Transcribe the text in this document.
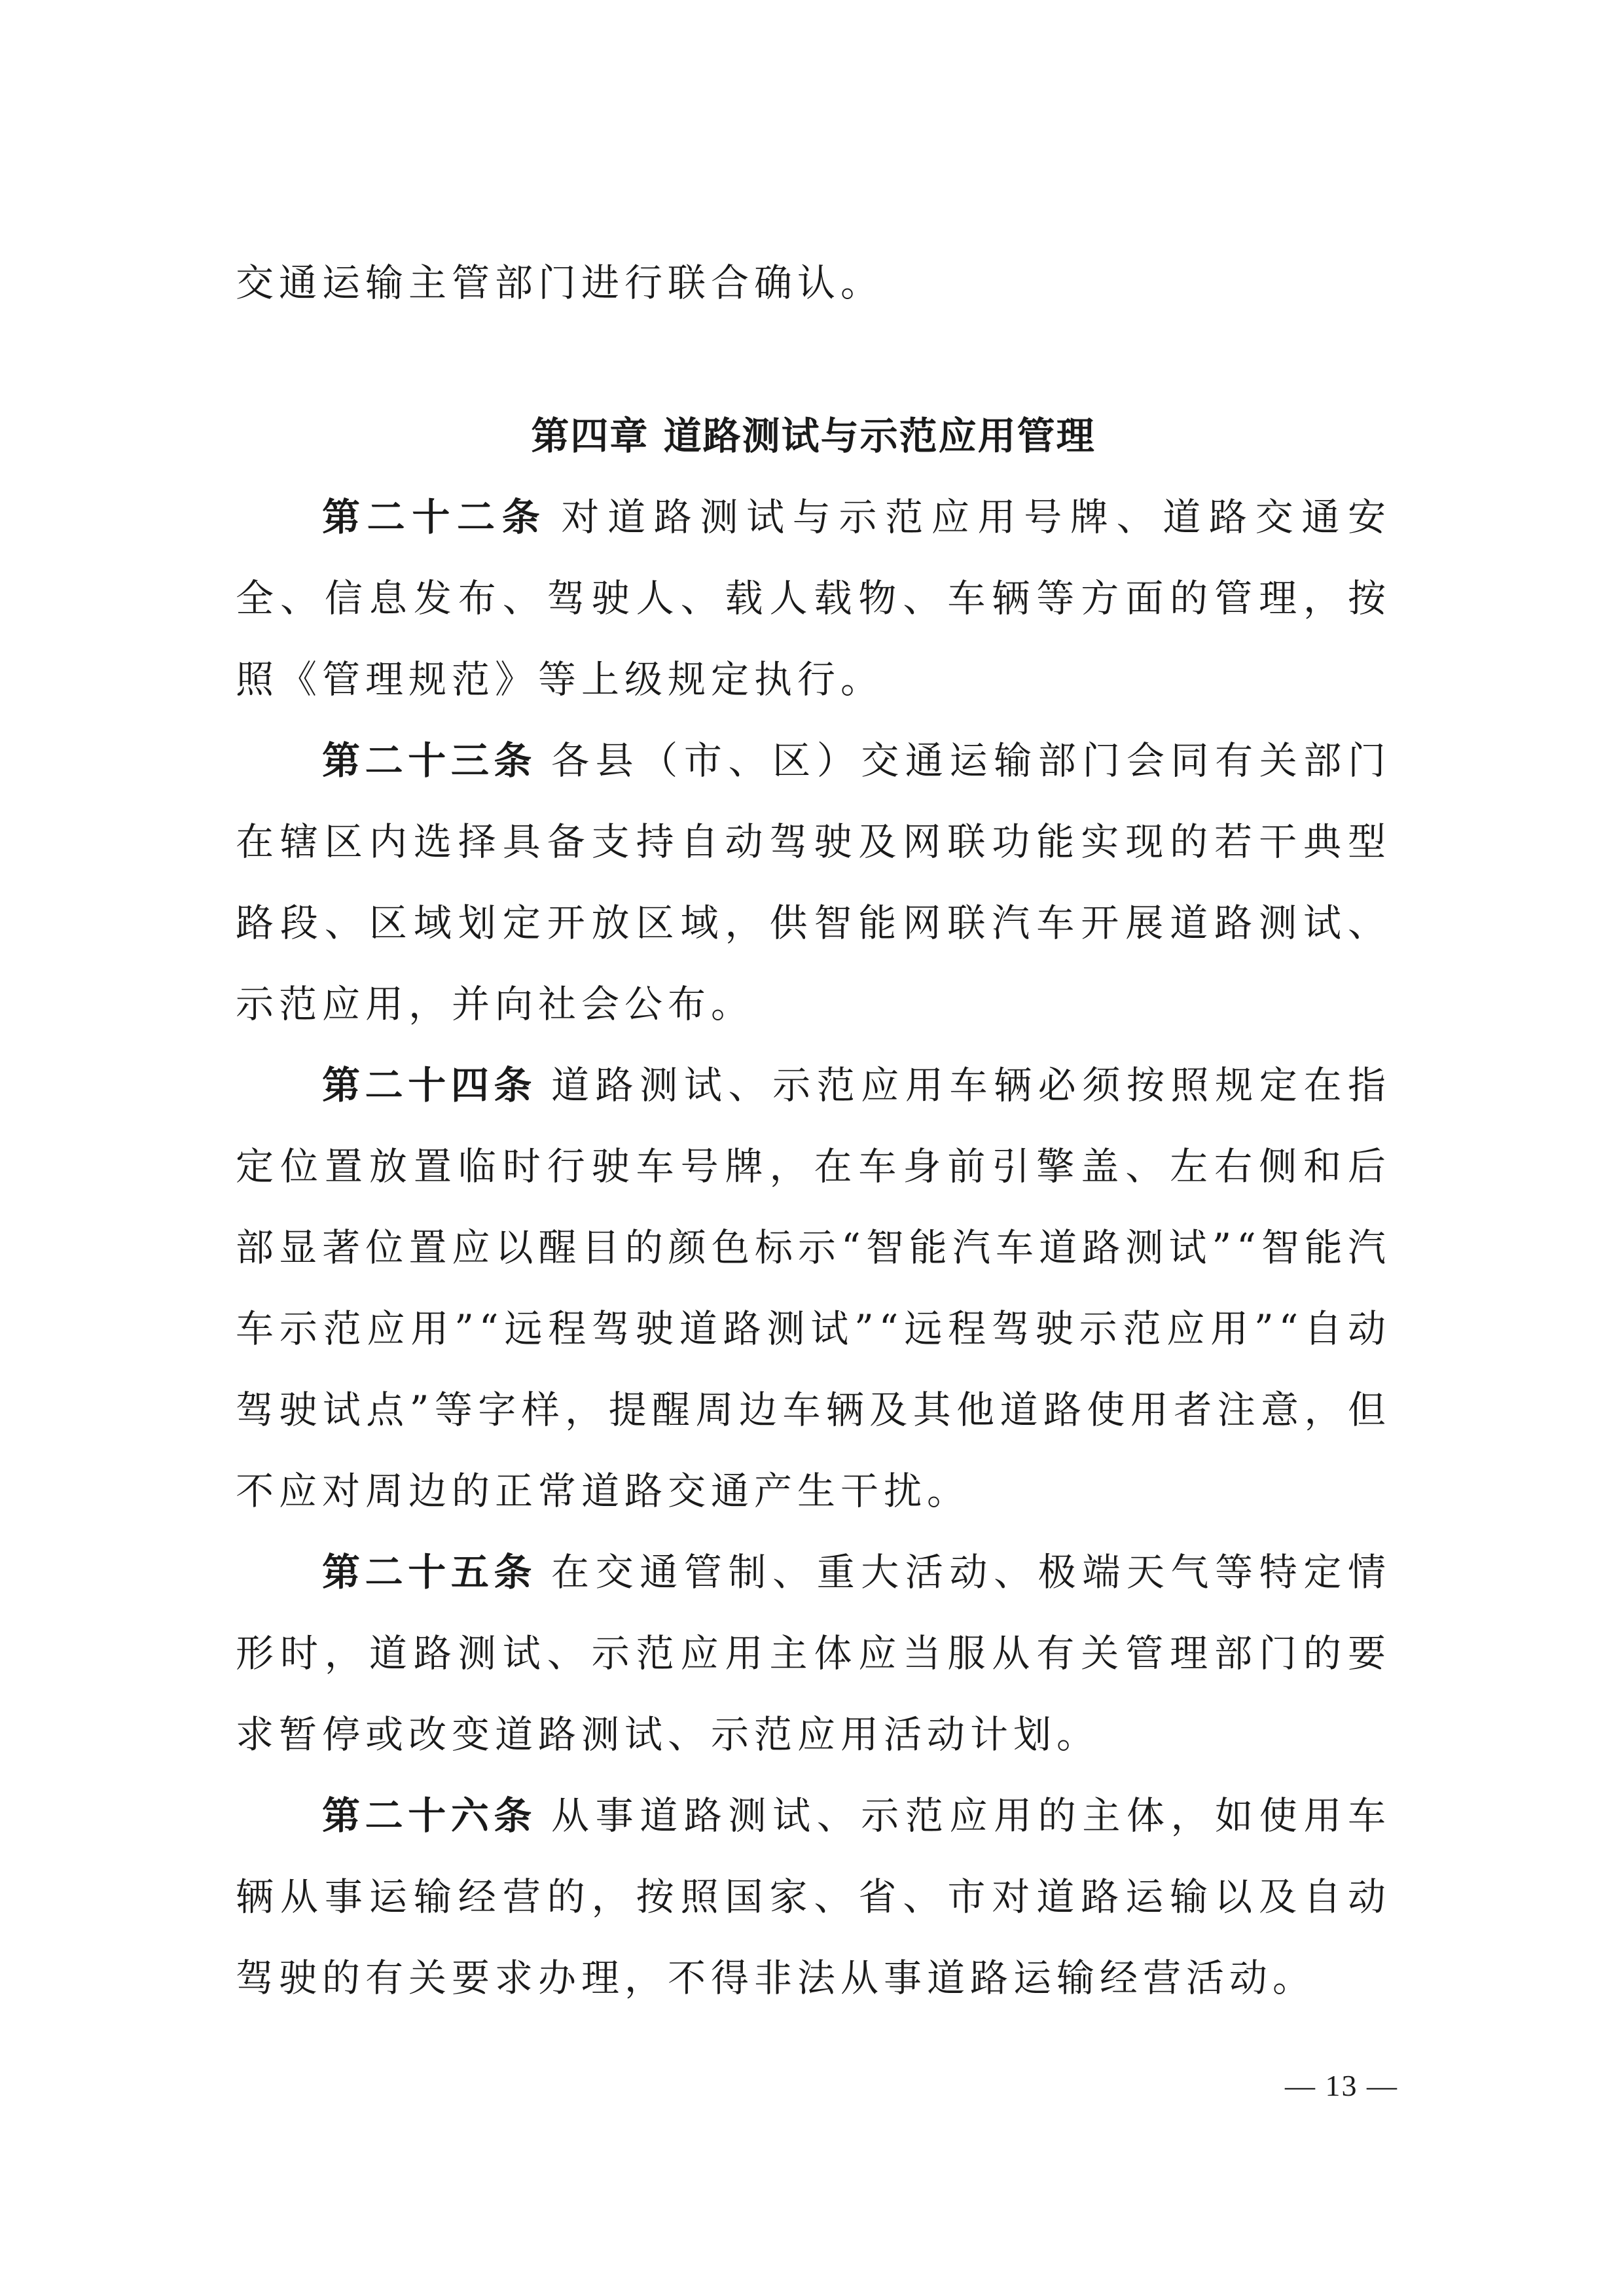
交通运输主管部门进行联合确认。

第四章 道路测试与示范应用管理

第二十二条 对道路测试与示范应用号牌、道路交通安全、信息发布、驾驶人、载人载物、车辆等方面的管理，按照《管理规范》等上级规定执行。

第二十三条 各县（市、区）交通运输部门会同有关部门在辖区内选择具备支持自动驾驶及网联功能实现的若干典型路段、区域划定开放区域，供智能网联汽车开展道路测试、示范应用，并向社会公布。

第二十四条 道路测试、示范应用车辆必须按照规定在指定位置放置临时行驶车号牌，在车身前引擎盖、左右侧和后部显著位置应以醒目的颜色标示“智能汽车道路测试”“智能汽车示范应用”“远程驾驶道路测试”“远程驾驶示范应用”“自动驾驶试点”等字样，提醒周边车辆及其他道路使用者注意，但不应对周边的正常道路交通产生干扰。

第二十五条 在交通管制、重大活动、极端天气等特定情形时，道路测试、示范应用主体应当服从有关管理部门的要求暂停或改变道路测试、示范应用活动计划。

第二十六条 从事道路测试、示范应用的主体，如使用车辆从事运输经营的，按照国家、省、市对道路运输以及自动驾驶的有关要求办理，不得非法从事道路运输经营活动。

— 13 —
